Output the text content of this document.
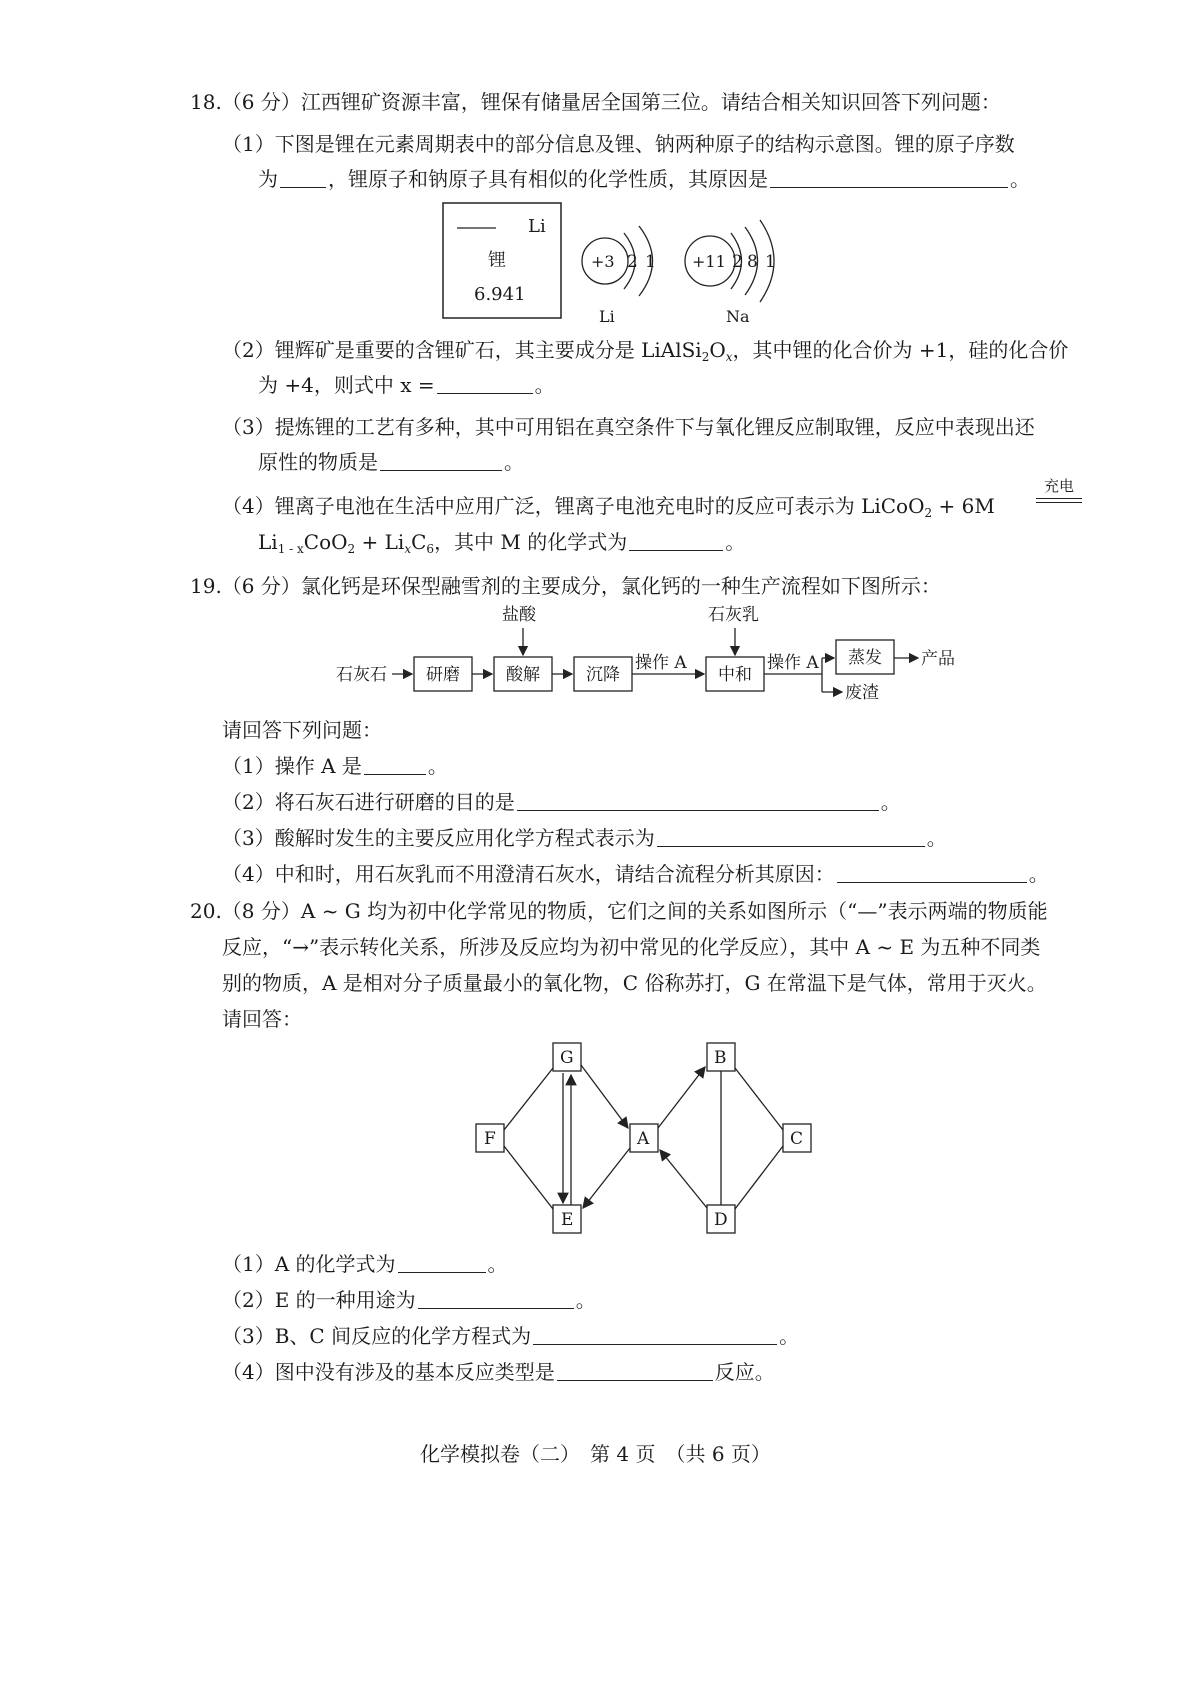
18.（6 分）江西锂矿资源丰富，锂保有储量居全国第三位。请结合相关知识回答下列问题：
（1）下图是锂在元素周期表中的部分信息及锂、钠两种原子的结构示意图。锂的原子序数
为	，锂原子和钠原子具有相似的化学性质，其原因是	。
Li
锂
6.941
+3 2 1
Li
+11 2 8 1
Na
（2）锂辉矿是重要的含锂矿石，其主要成分是 $LiAlSi_2O_x$，其中锂的化合价为 +1，硅的化合价
为 +4，则式中 x =	。
（3）提炼锂的工艺有多种，其中可用铝在真空条件下与氧化锂反应制取锂，反应中表现出还
原性的物质是	。
（4）锂离子电池在生活中应用广泛，锂离子电池充电时的反应可表示为 LiCoO$_2$ + 6M
充电
$Li_{1 - x}CoO_2 + Li_xC_6$，其中 M 的化学式为	。
19.（6 分）氯化钙是环保型融雪剂的主要成分，氯化钙的一种生产流程如下图所示：
石灰石 研磨	酸解
盐酸
沉降
操作 A
中和
石灰乳
操作 A 蒸发 产品
废渣
请回答下列问题：
（1）操作 A 是	。
（2）将石灰石进行研磨的目的是	。
（3）酸解时发生的主要反应用化学方程式表示为	。
（4）中和时，用石灰乳而不用澄清石灰水，请结合流程分析其原因：	。
20.（8 分）A ~ G 均为初中化学常见的物质，它们之间的关系如图所示（“—”表示两端的物质能
反应，“→”表示转化关系，所涉及反应均为初中常见的化学反应），其中 A ~ E 为五种不同类
别的物质，A 是相对分子质量最小的氧化物，C 俗称苏打，G 在常温下是气体，常用于灭火。
请回答：
G	B
F	A	C
E	D
（1）A 的化学式为	。
（2）E 的一种用途为	。
（3）B、C 间反应的化学方程式为	。
（4）图中没有涉及的基本反应类型是	反应。
化学模拟卷（二）　第 4 页　（共 6 页）
